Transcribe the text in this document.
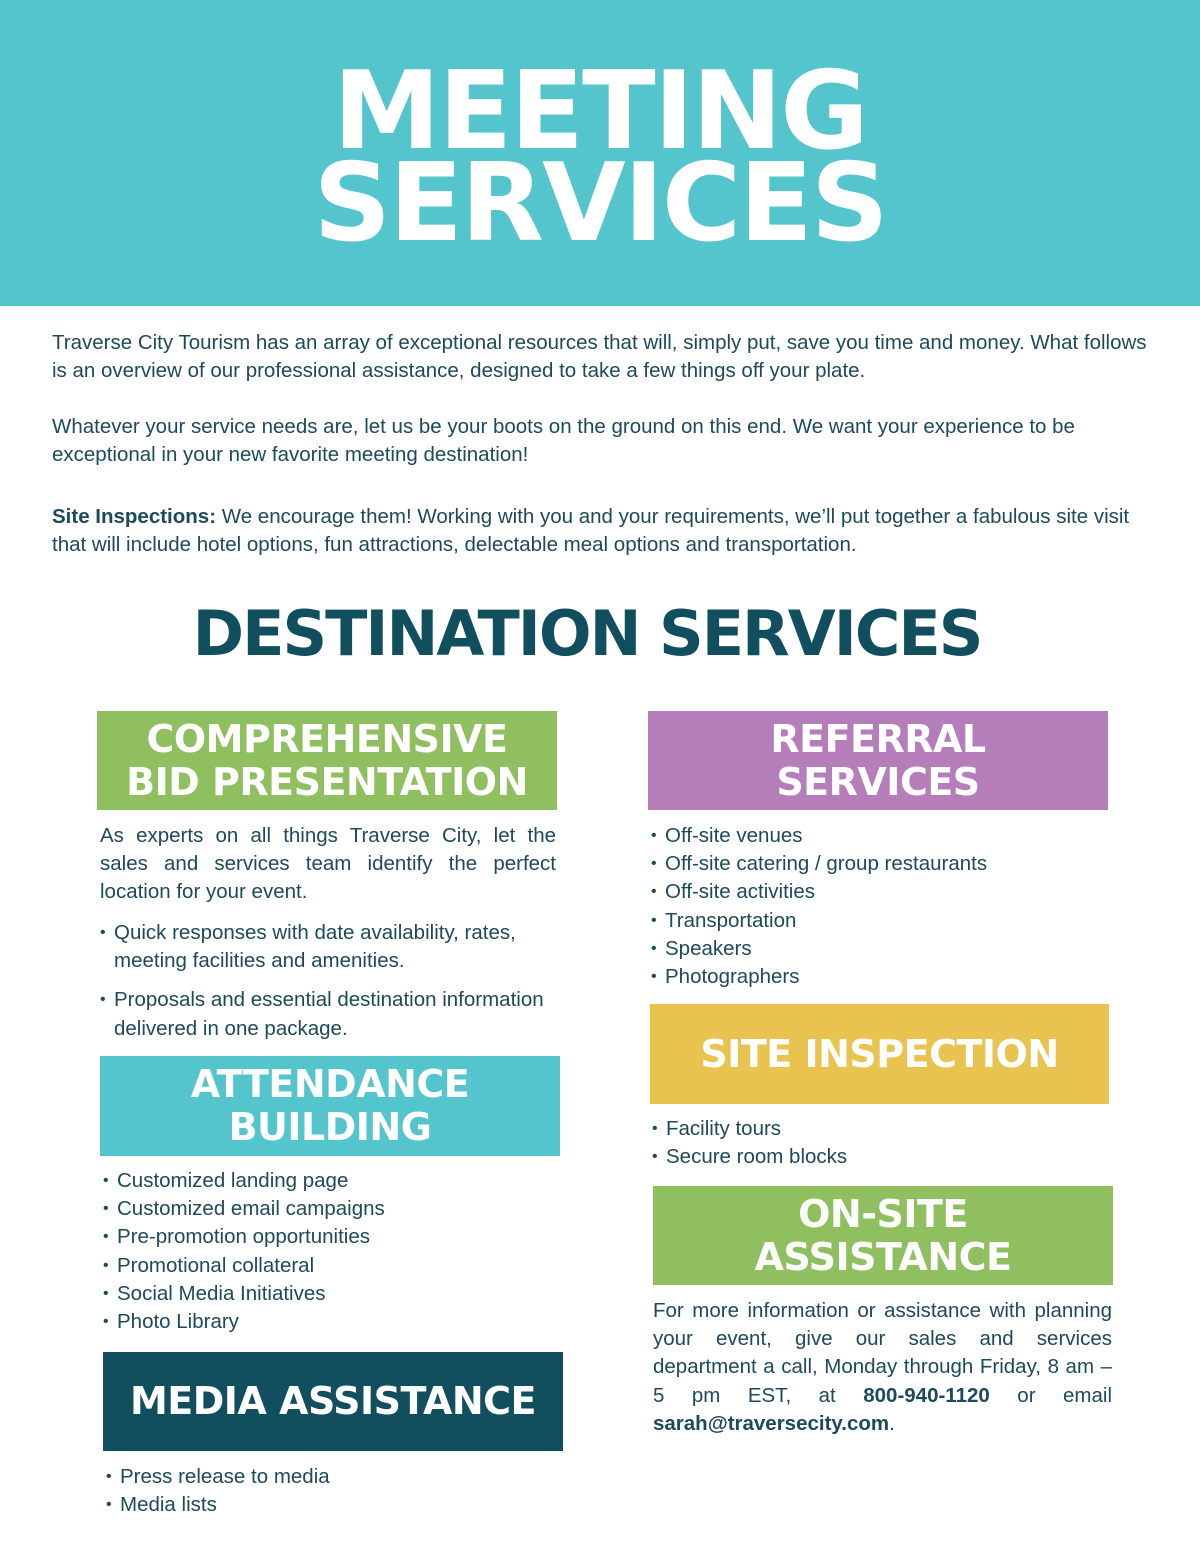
MEETING
SERVICES

Traverse City Tourism has an array of exceptional resources that will, simply put, save you time and money. What follows is an overview of our professional assistance, designed to take a few things off your plate.

Whatever your service needs are, let us be your boots on the ground on this end. We want your experience to be exceptional in your new favorite meeting destination!

Site Inspections: We encourage them! Working with you and your requirements, we’ll put together a fabulous site visit that will include hotel options, fun attractions, delectable meal options and transportation.

DESTINATION SERVICES
COMPREHENSIVE
BID PRESENTATION

As experts on all things Traverse City, let the sales and services team identify the perfect location for your event.

• Quick responses with date availability, rates, meeting facilities and amenities.
• Proposals and essential destination information delivered in one package.
ATTENDANCE
BUILDING
• Customized landing page
• Customized email campaigns
• Pre-promotion opportunities
• Promotional collateral
• Social Media Initiatives
• Photo Library
MEDIA ASSISTANCE
• Press release to media
• Media lists
REFERRAL
SERVICES
• Off-site venues
• Off-site catering / group restaurants
• Off-site activities
• Transportation
• Speakers
• Photographers
SITE INSPECTION
• Facility tours
• Secure room blocks
ON-SITE
ASSISTANCE

For more information or assistance with planning your event, give our sales and services department a call, Monday through Friday, 8 am – 5 pm EST, at 800-940-1120 or email sarah@traversecity.com.
